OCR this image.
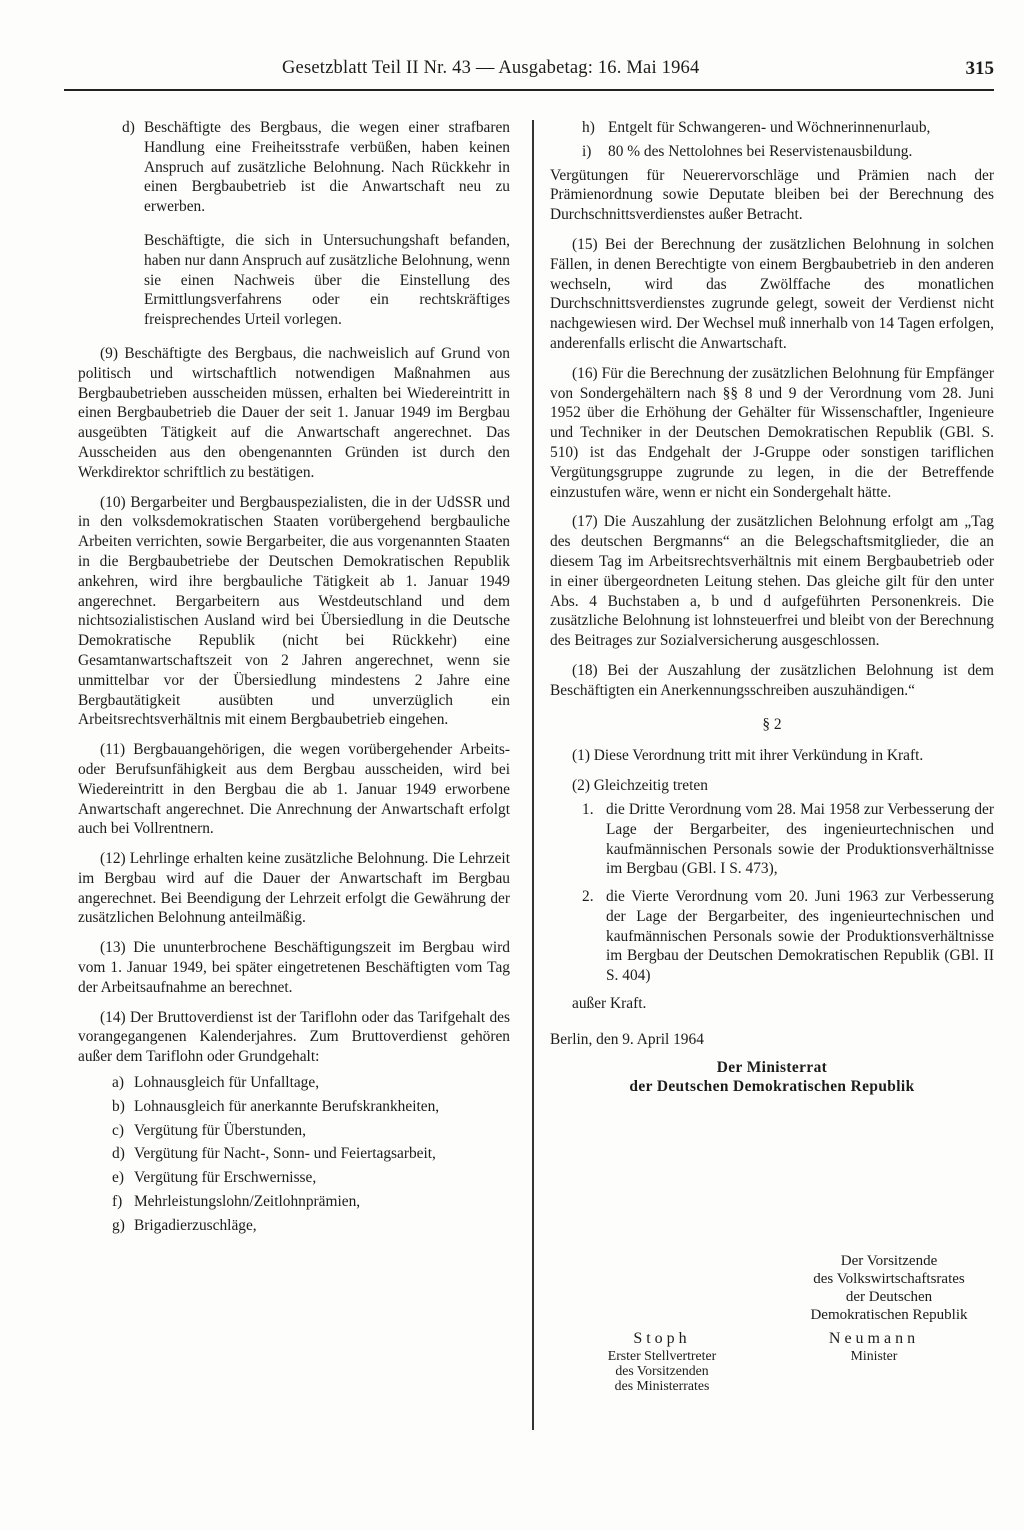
Gesetzblatt Teil II Nr. 43 — Ausgabetag: 16. Mai 1964	315
d) Beschäftigte des Bergbaus, die wegen einer strafbaren Handlung eine Freiheitsstrafe verbüßen, haben keinen Anspruch auf zusätzliche Belohnung. Nach Rückkehr in einen Bergbaubetrieb ist die Anwartschaft neu zu erwerben.
Beschäftigte, die sich in Untersuchungshaft befanden, haben nur dann Anspruch auf zusätzliche Belohnung, wenn sie einen Nachweis über die Einstellung des Ermittlungsverfahrens oder ein rechtskräftiges freisprechendes Urteil vorlegen.

(9) Beschäftigte des Bergbaus, die nachweislich auf Grund von politisch und wirtschaftlich notwendigen Maßnahmen aus Bergbaubetrieben ausscheiden müssen, erhalten bei Wiedereintritt in einen Bergbaubetrieb die Dauer der seit 1. Januar 1949 im Bergbau ausgeübten Tätigkeit auf die Anwartschaft angerechnet. Das Ausscheiden aus den obengenannten Gründen ist durch den Werkdirektor schriftlich zu bestätigen.

(10) Bergarbeiter und Bergbauspezialisten, die in der UdSSR und in den volksdemokratischen Staaten vorübergehend bergbauliche Arbeiten verrichten, sowie Bergarbeiter, die aus vorgenannten Staaten in die Bergbaubetriebe der Deutschen Demokratischen Republik ankehren, wird ihre bergbauliche Tätigkeit ab 1. Januar 1949 angerechnet. Bergarbeitern aus Westdeutschland und dem nichtsozialistischen Ausland wird bei Übersiedlung in die Deutsche Demokratische Republik (nicht bei Rückkehr) eine Gesamtanwartschaftszeit von 2 Jahren angerechnet, wenn sie unmittelbar vor der Übersiedlung mindestens 2 Jahre eine Bergbautätigkeit ausübten und unverzüglich ein Arbeitsrechtsverhältnis mit einem Bergbaubetrieb eingehen.

(11) Bergbauangehörigen, die wegen vorübergehender Arbeits- oder Berufsunfähigkeit aus dem Bergbau ausscheiden, wird bei Wiedereintritt in den Bergbau die ab 1. Januar 1949 erworbene Anwartschaft angerechnet. Die Anrechnung der Anwartschaft erfolgt auch bei Vollrentnern.

(12) Lehrlinge erhalten keine zusätzliche Belohnung. Die Lehrzeit im Bergbau wird auf die Dauer der Anwartschaft im Bergbau angerechnet. Bei Beendigung der Lehrzeit erfolgt die Gewährung der zusätzlichen Belohnung anteilmäßig.

(13) Die ununterbrochene Beschäftigungszeit im Bergbau wird vom 1. Januar 1949, bei später eingetretenen Beschäftigten vom Tag der Arbeitsaufnahme an berechnet.

(14) Der Bruttoverdienst ist der Tariflohn oder das Tarifgehalt des vorangegangenen Kalenderjahres. Zum Bruttoverdienst gehören außer dem Tariflohn oder Grundgehalt:

a) Lohnausgleich für Unfalltage,
b) Lohnausgleich für anerkannte Berufskrankheiten,
c) Vergütung für Überstunden,
d) Vergütung für Nacht-, Sonn- und Feiertagsarbeit,
e) Vergütung für Erschwernisse,
f) Mehrleistungslohn/Zeitlohnprämien,
g) Brigadierzuschläge,
h) Entgelt für Schwangeren- und Wöchnerinnenurlaub,
i) 80 % des Nettolohnes bei Reservistenausbildung.

Vergütungen für Neuerervorschläge und Prämien nach der Prämienordnung sowie Deputate bleiben bei der Berechnung des Durchschnittsverdienstes außer Betracht.

(15) Bei der Berechnung der zusätzlichen Belohnung in solchen Fällen, in denen Berechtigte von einem Bergbaubetrieb in den anderen wechseln, wird das Zwölffache des monatlichen Durchschnittsverdienstes zugrunde gelegt, soweit der Verdienst nicht nachgewiesen wird. Der Wechsel muß innerhalb von 14 Tagen erfolgen, anderenfalls erlischt die Anwartschaft.

(16) Für die Berechnung der zusätzlichen Belohnung für Empfänger von Sondergehältern nach §§ 8 und 9 der Verordnung vom 28. Juni 1952 über die Erhöhung der Gehälter für Wissenschaftler, Ingenieure und Techniker in der Deutschen Demokratischen Republik (GBl. S. 510) ist das Endgehalt der J-Gruppe oder sonstigen tariflichen Vergütungsgruppe zugrunde zu legen, in die der Betreffende einzustufen wäre, wenn er nicht ein Sondergehalt hätte.

(17) Die Auszahlung der zusätzlichen Belohnung erfolgt am „Tag des deutschen Bergmanns“ an die Belegschaftsmitglieder, die an diesem Tag im Arbeitsrechtsverhältnis mit einem Bergbaubetrieb oder in einer übergeordneten Leitung stehen. Das gleiche gilt für den unter Abs. 4 Buchstaben a, b und d aufgeführten Personenkreis. Die zusätzliche Belohnung ist lohnsteuerfrei und bleibt von der Berechnung des Beitrages zur Sozialversicherung ausgeschlossen.

(18) Bei der Auszahlung der zusätzlichen Belohnung ist dem Beschäftigten ein Anerkennungsschreiben auszuhändigen.“

§ 2

(1) Diese Verordnung tritt mit ihrer Verkündung in Kraft.

(2) Gleichzeitig treten

1. die Dritte Verordnung vom 28. Mai 1958 zur Verbesserung der Lage der Bergarbeiter, des ingenieurtechnischen und kaufmännischen Personals sowie der Produktionsverhältnisse im Bergbau (GBl. I S. 473),
2. die Vierte Verordnung vom 20. Juni 1963 zur Verbesserung der Lage der Bergarbeiter, des ingenieurtechnischen und kaufmännischen Personals sowie der Produktionsverhältnisse im Bergbau der Deutschen Demokratischen Republik (GBl. II S. 404)

außer Kraft.

Berlin, den 9. April 1964

Der Ministerrat
der Deutschen Demokratischen Republik
Der Vorsitzende
des Volkswirtschaftsrates
der Deutschen
Demokratischen Republik
Stoph
Erster Stellvertreter
des Vorsitzenden
des Ministerrates
Neumann
Minister
